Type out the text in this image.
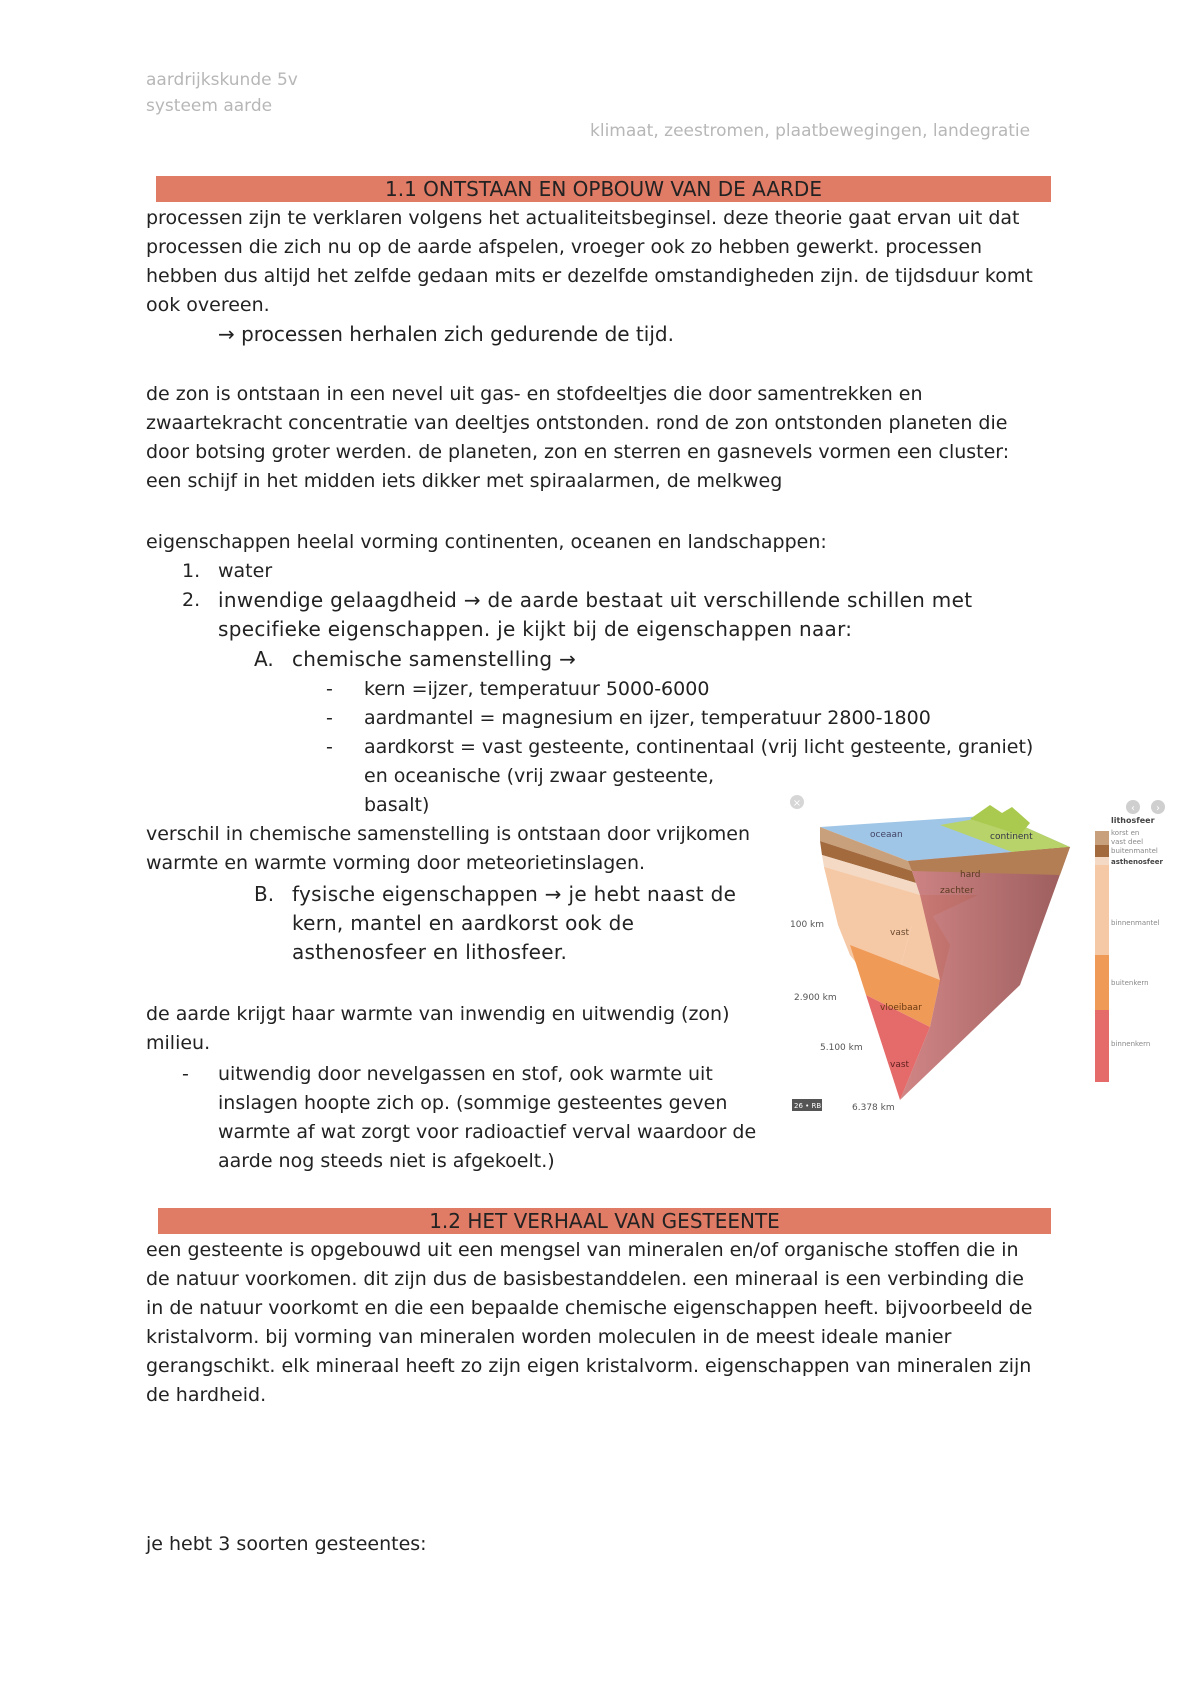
aardrijkskunde 5v
systeem aarde
klimaat, zeestromen, plaatbewegingen, landegratie
1.1 ONTSTAAN EN OPBOUW VAN DE AARDE

processen zijn te verklaren volgens het actualiteitsbeginsel. deze theorie gaat ervan uit dat

processen die zich nu op de aarde afspelen, vroeger ook zo hebben gewerkt. processen

hebben dus altijd het zelfde gedaan mits er dezelfde omstandigheden zijn. de tijdsduur komt

ook overeen.

→ processen herhalen zich gedurende de tijd.

de zon is ontstaan in een nevel uit gas- en stofdeeltjes die door samentrekken en

zwaartekracht concentratie van deeltjes ontstonden. rond de zon ontstonden planeten die

door botsing groter werden. de planeten, zon en sterren en gasnevels vormen een cluster:

een schijf in het midden iets dikker met spiraalarmen, de melkweg

eigenschappen heelal vorming continenten, oceanen en landschappen:
1. water
2. inwendige gelaagdheid → de aarde bestaat uit verschillende schillen met
specifieke eigenschappen. je kijkt bij de eigenschappen naar:
A. chemische samenstelling →
- kern =ijzer, temperatuur 5000-6000
- aardmantel = magnesium en ijzer, temperatuur 2800-1800
- aardkorst = vast gesteente, continentaal (vrij licht gesteente, graniet)
en oceanische (vrij zwaar gesteente,
basalt)

verschil in chemische samenstelling is ontstaan door vrijkomen

warmte en warmte vorming door meteorietinslagen.

B. fysische eigenschappen → je hebt naast de

kern, mantel en aardkorst ook de

asthenosfeer en lithosfeer.

de aarde krijgt haar warmte van inwendig en uitwendig (zon)

milieu.

- uitwendig door nevelgassen en stof, ook warmte uit

inslagen hoopte zich op. (sommige gesteentes geven

warmte af wat zorgt voor radioactief verval waardoor de

aarde nog steeds niet is afgekoelt.)

×
100 km
2.900 km
5.100 km
6.378 km
oceaan	continent
hard
zachter
vast
vloeibaar
vast
26 • RB
‹ ›
lithosfeer
korst en
vast deel
buitenmantel
asthenosfeer
binnenmantel
buitenkern
binnenkern
1.2 HET VERHAAL VAN GESTEENTE

een gesteente is opgebouwd uit een mengsel van mineralen en/of organische stoffen die in

de natuur voorkomen. dit zijn dus de basisbestanddelen. een mineraal is een verbinding die

in de natuur voorkomt en die een bepaalde chemische eigenschappen heeft. bijvoorbeeld de

kristalvorm. bij vorming van mineralen worden moleculen in de meest ideale manier

gerangschikt. elk mineraal heeft zo zijn eigen kristalvorm. eigenschappen van mineralen zijn

de hardheid.

je hebt 3 soorten gesteentes:
